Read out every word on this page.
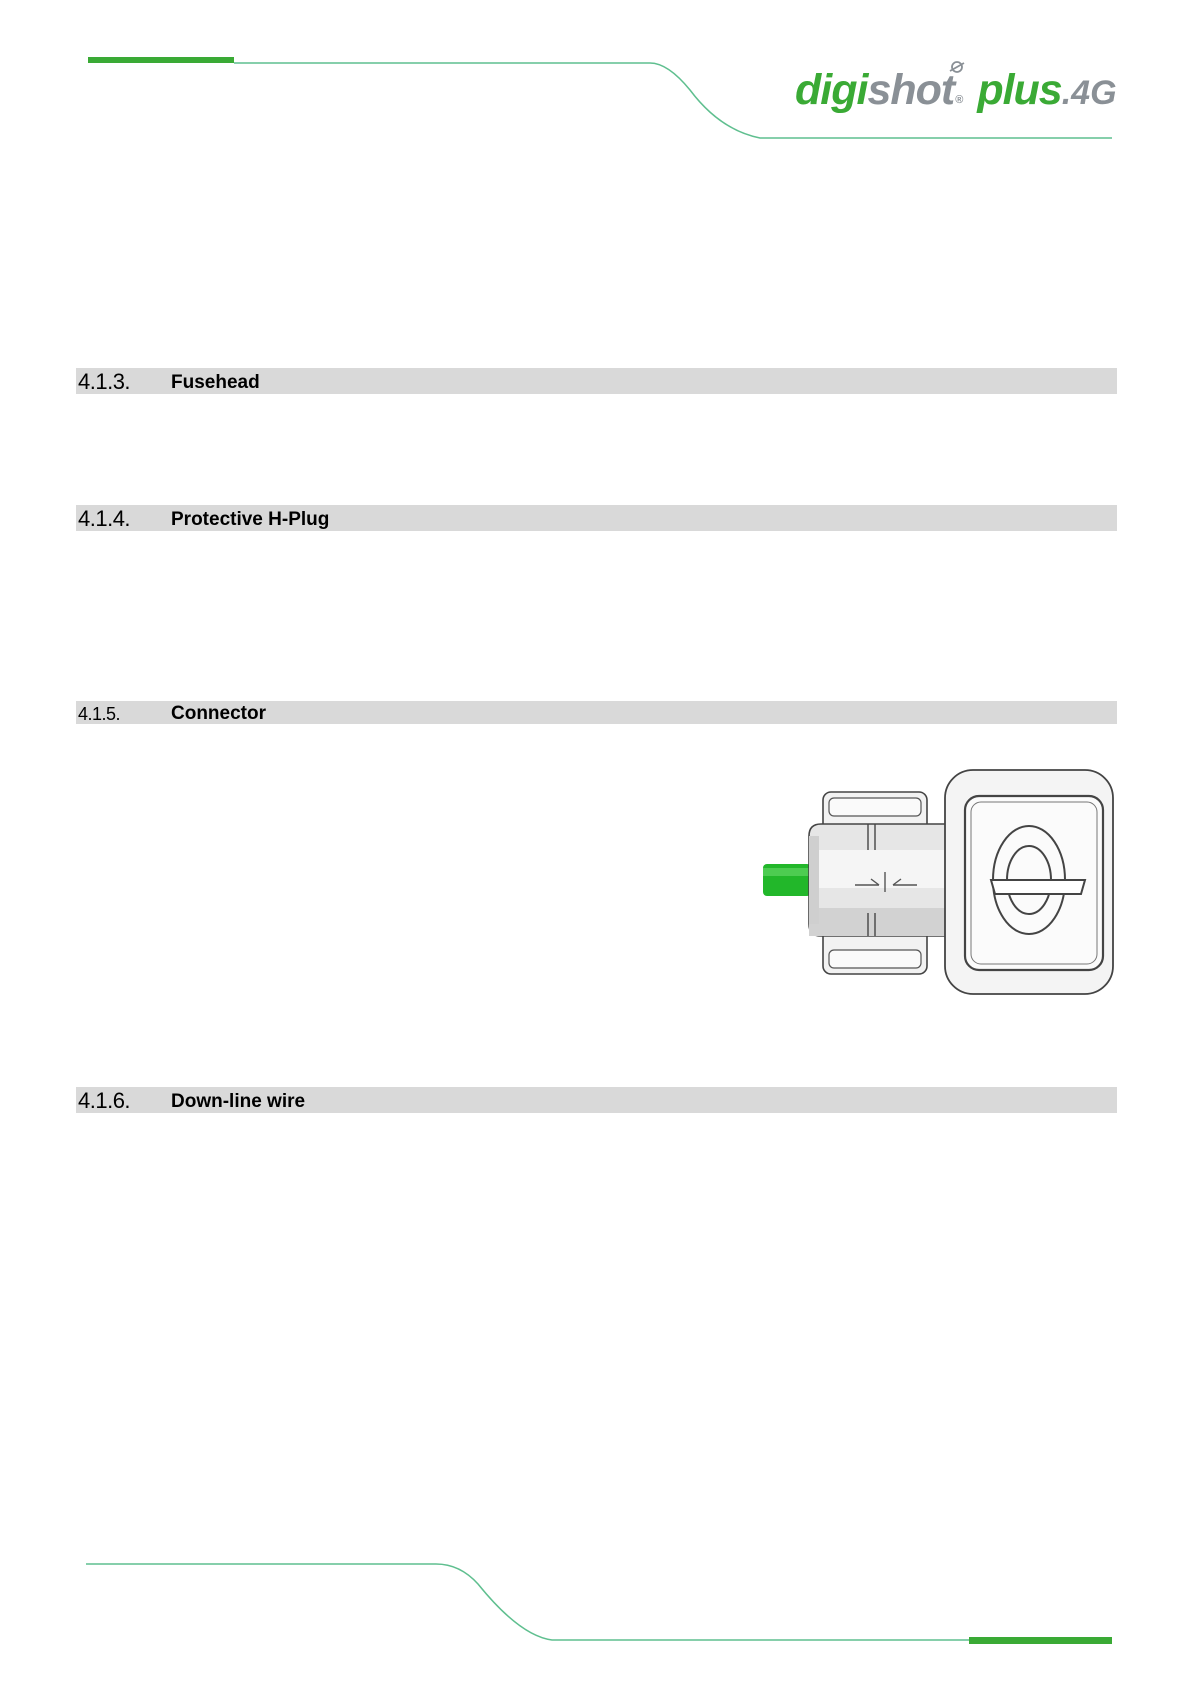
digishot® plus.4G
4.1.3. Fusehead
4.1.4. Protective H-Plug
4.1.5.	Connector
4.1.6. Down-line wire
